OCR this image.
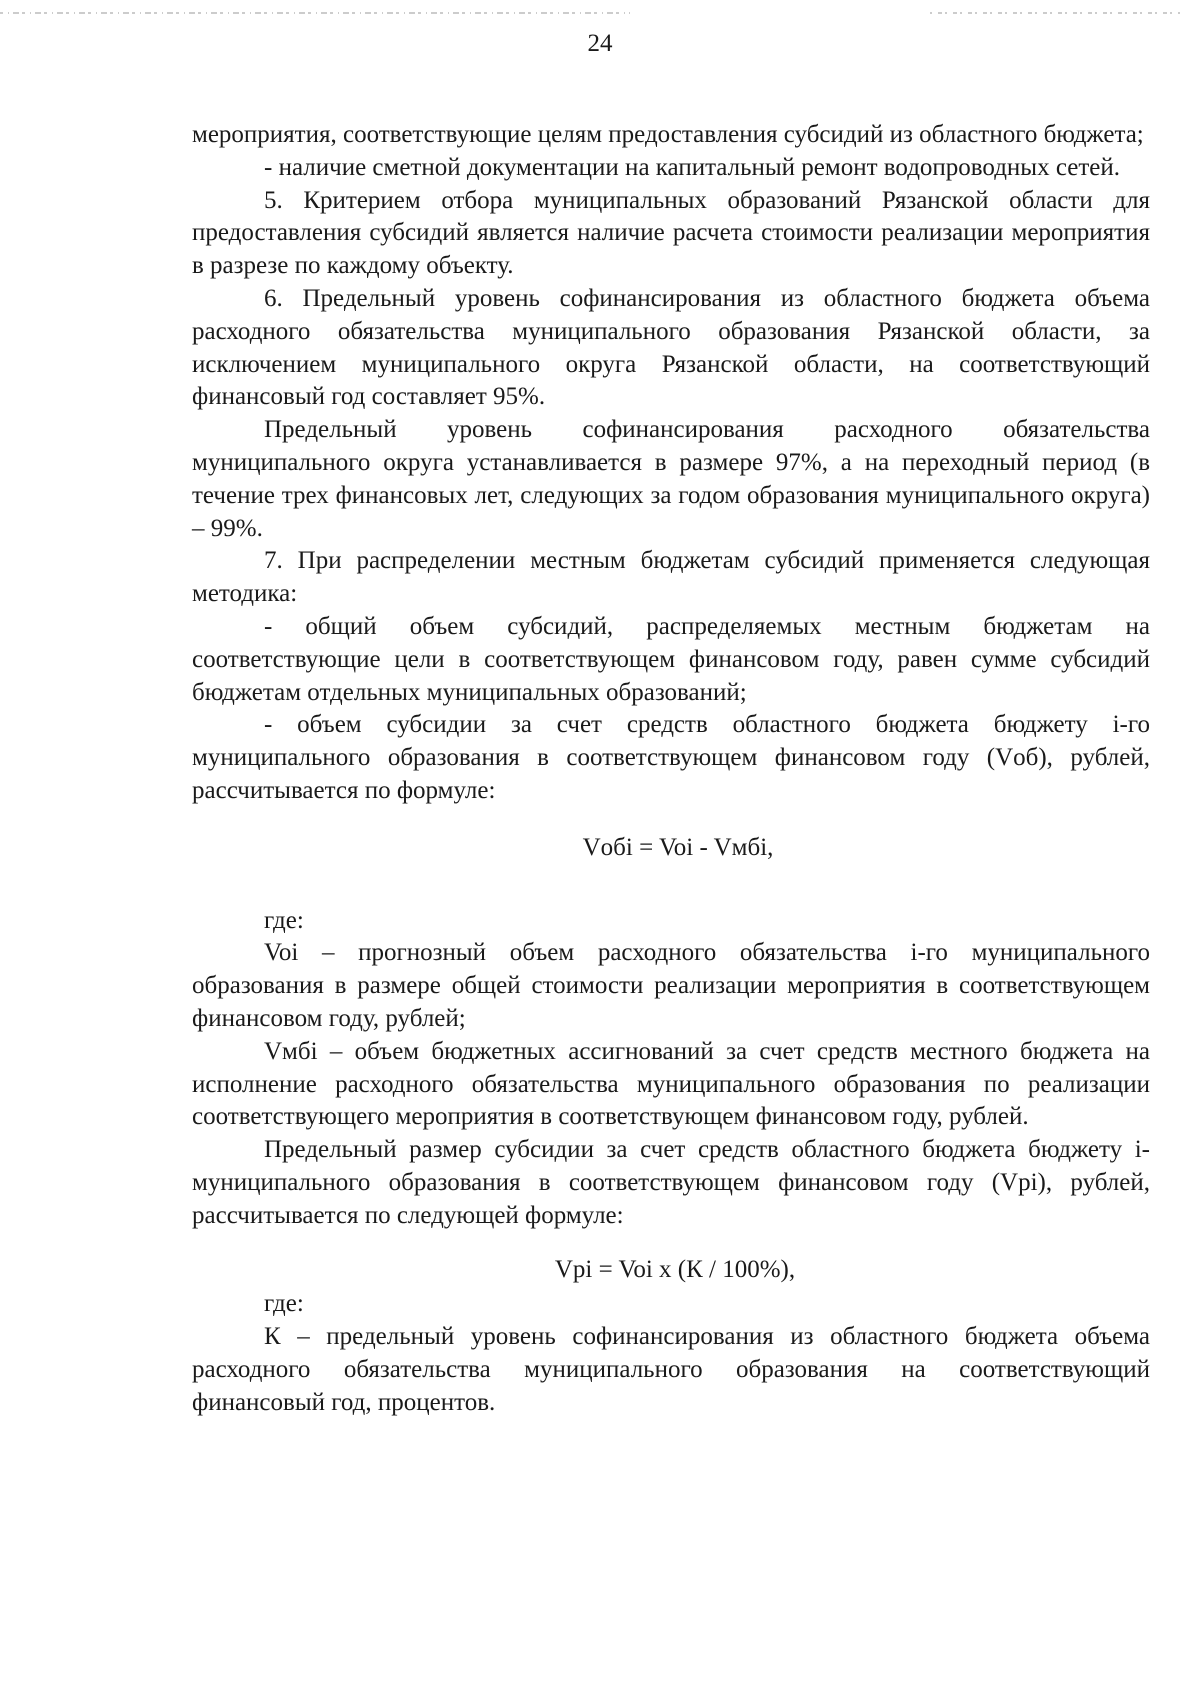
24

мероприятия, соответствующие целям предоставления субсидий из областного бюджета;

- наличие сметной документации на капитальный ремонт водопроводных сетей.

5. Критерием отбора муниципальных образований Рязанской области для предоставления субсидий является наличие расчета стоимости реализации мероприятия в разрезе по каждому объекту.

6. Предельный уровень софинансирования из областного бюджета объема расходного обязательства муниципального образования Рязанской области, за исключением муниципального округа Рязанской области, на соответствующий финансовый год составляет 95%.

Предельный уровень софинансирования расходного обязательства муниципального округа устанавливается в размере 97%, а на переходный период (в течение трех финансовых лет, следующих за годом образования муниципального округа) – 99%.

7. При распределении местным бюджетам субсидий применяется следующая методика:

- общий объем субсидий, распределяемых местным бюджетам на соответствующие цели в соответствующем финансовом году, равен сумме субсидий бюджетам отдельных муниципальных образований;

- объем субсидии за счет средств областного бюджета бюджету i-го муниципального образования в соответствующем финансовом году (Vоб), рублей, рассчитывается по формуле:

Vобi = Voi - Vмбi,

где:

Voi – прогнозный объем расходного обязательства i-го муниципального образования в размере общей стоимости реализации мероприятия в соответствующем финансовом году, рублей;

Vмбi – объем бюджетных ассигнований за счет средств местного бюджета на исполнение расходного обязательства муниципального образования по реализации соответствующего мероприятия в соответствующем финансовом году, рублей.

Предельный размер субсидии за счет средств областного бюджета бюджету i-муниципального образования в соответствующем финансовом году (Vpi), рублей, рассчитывается по следующей формуле:

Vpi = Voi x (К / 100%),

где:

К – предельный уровень софинансирования из областного бюджета объема расходного обязательства муниципального образования на соответствующий финансовый год, процентов.
